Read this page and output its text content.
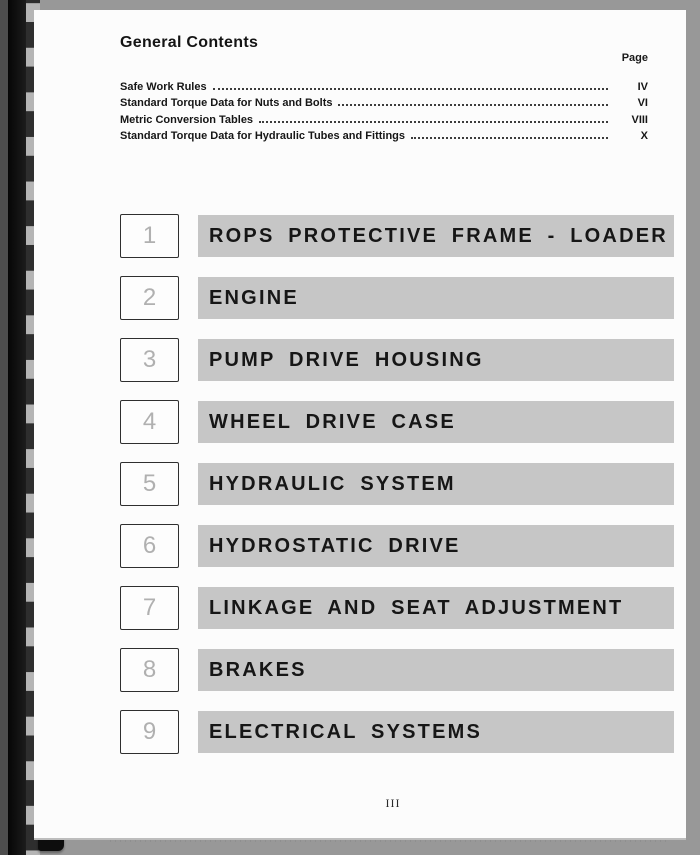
General Contents
Page
Safe Work Rules	IV
Standard Torque Data for Nuts and Bolts	VI
Metric Conversion Tables	VIII
Standard Torque Data for Hydraulic Tubes and Fittings	X
1	ROPS PROTECTIVE FRAME - LOADER
2	ENGINE
3	PUMP DRIVE HOUSING
4	WHEEL DRIVE CASE
5	HYDRAULIC SYSTEM
6	HYDROSTATIC DRIVE
7	LINKAGE AND SEAT ADJUSTMENT
8	BRAKES
9	ELECTRICAL SYSTEMS
III
